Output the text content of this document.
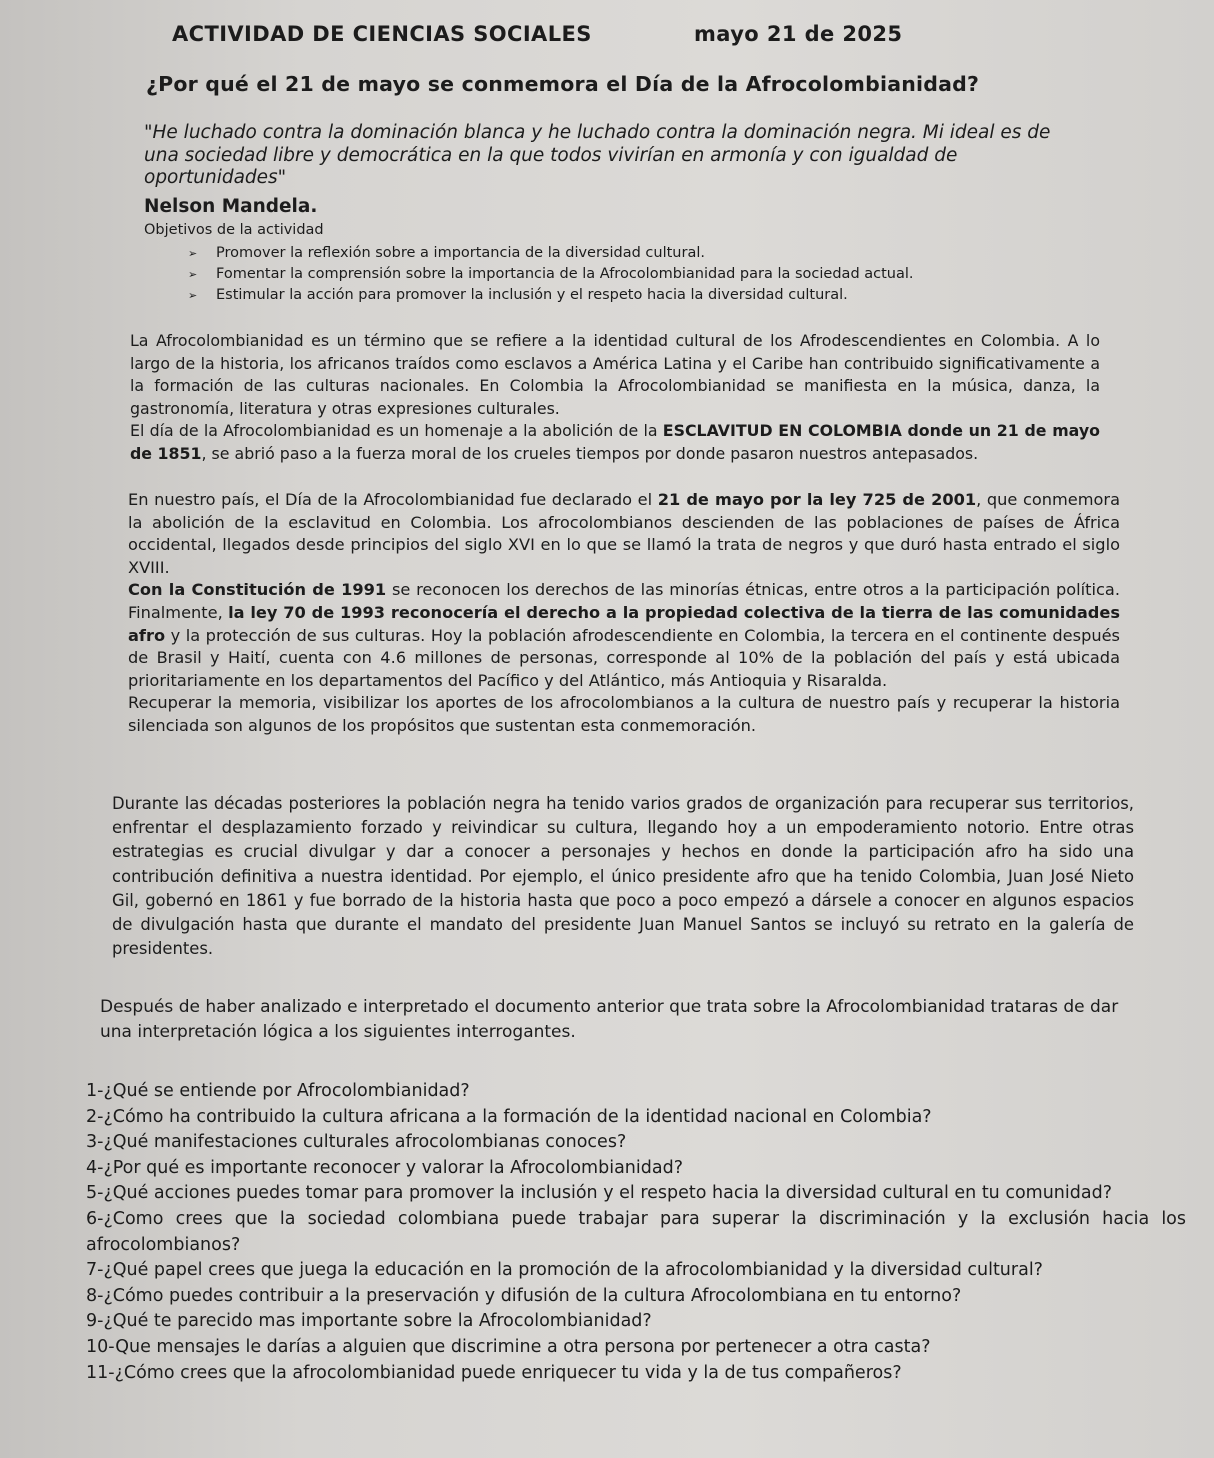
ACTIVIDAD DE CIENCIAS SOCIALES	mayo 21 de 2025
¿Por qué el 21 de mayo se conmemora el Día de la Afrocolombianidad?
"He luchado contra la dominación blanca y he luchado contra la dominación negra. Mi ideal es de una sociedad libre y democrática en la que todos vivirían en armonía y con igualdad de oportunidades"
Nelson Mandela.
Objetivos de la actividad
➢ Promover la reflexión sobre a importancia de la diversidad cultural.
➢ Fomentar la comprensión sobre la importancia de la Afrocolombianidad para la sociedad actual.
➢ Estimular la acción para promover la inclusión y el respeto hacia la diversidad cultural.
La Afrocolombianidad es un término que se refiere a la identidad cultural de los Afrodescendientes en Colombia. A lo largo de la historia, los africanos traídos como esclavos a América Latina y el Caribe han contribuido significativamente a la formación de las culturas nacionales. En Colombia la Afrocolombianidad se manifiesta en la música, danza, la gastronomía, literatura y otras expresiones culturales.
El día de la Afrocolombianidad es un homenaje a la abolición de la ESCLAVITUD EN COLOMBIA donde un 21 de mayo de 1851, se abrió paso a la fuerza moral de los crueles tiempos por donde pasaron nuestros antepasados.
En nuestro país, el Día de la Afrocolombianidad fue declarado el 21 de mayo por la ley 725 de 2001, que conmemora la abolición de la esclavitud en Colombia. Los afrocolombianos descienden de las poblaciones de países de África occidental, llegados desde principios del siglo XVI en lo que se llamó la trata de negros y que duró hasta entrado el siglo XVIII.
Con la Constitución de 1991 se reconocen los derechos de las minorías étnicas, entre otros a la participación política. Finalmente, la ley 70 de 1993 reconocería el derecho a la propiedad colectiva de la tierra de las comunidades afro y la protección de sus culturas. Hoy la población afrodescendiente en Colombia, la tercera en el continente después de Brasil y Haití, cuenta con 4.6 millones de personas, corresponde al 10% de la población del país y está ubicada prioritariamente en los departamentos del Pacífico y del Atlántico, más Antioquia y Risaralda.
Recuperar la memoria, visibilizar los aportes de los afrocolombianos a la cultura de nuestro país y recuperar la historia silenciada son algunos de los propósitos que sustentan esta conmemoración.
Durante las décadas posteriores la población negra ha tenido varios grados de organización para recuperar sus territorios, enfrentar el desplazamiento forzado y reivindicar su cultura, llegando hoy a un empoderamiento notorio. Entre otras estrategias es crucial divulgar y dar a conocer a personajes y hechos en donde la participación afro ha sido una contribución definitiva a nuestra identidad. Por ejemplo, el único presidente afro que ha tenido Colombia, Juan José Nieto Gil, gobernó en 1861 y fue borrado de la historia hasta que poco a poco empezó a dársele a conocer en algunos espacios de divulgación hasta que durante el mandato del presidente Juan Manuel Santos se incluyó su retrato en la galería de presidentes.
Después de haber analizado e interpretado el documento anterior que trata sobre la Afrocolombianidad trataras de dar una interpretación lógica a los siguientes interrogantes.
1-¿Qué se entiende por Afrocolombianidad?
2-¿Cómo ha contribuido la cultura africana a la formación de la identidad nacional en Colombia?
3-¿Qué manifestaciones culturales afrocolombianas conoces?
4-¿Por qué es importante reconocer y valorar la Afrocolombianidad?
5-¿Qué acciones puedes tomar para promover la inclusión y el respeto hacia la diversidad cultural en tu comunidad?
6-¿Como crees que la sociedad colombiana puede trabajar para superar la discriminación y la exclusión hacia los afrocolombianos?
7-¿Qué papel crees que juega la educación en la promoción de la afrocolombianidad y la diversidad cultural?
8-¿Cómo puedes contribuir a la preservación y difusión de la cultura Afrocolombiana en tu entorno?
9-¿Qué te parecido mas importante sobre la Afrocolombianidad?
10-Que mensajes le darías a alguien que discrimine a otra persona por pertenecer a otra casta?
11-¿Cómo crees que la afrocolombianidad puede enriquecer tu vida y la de tus compañeros?
